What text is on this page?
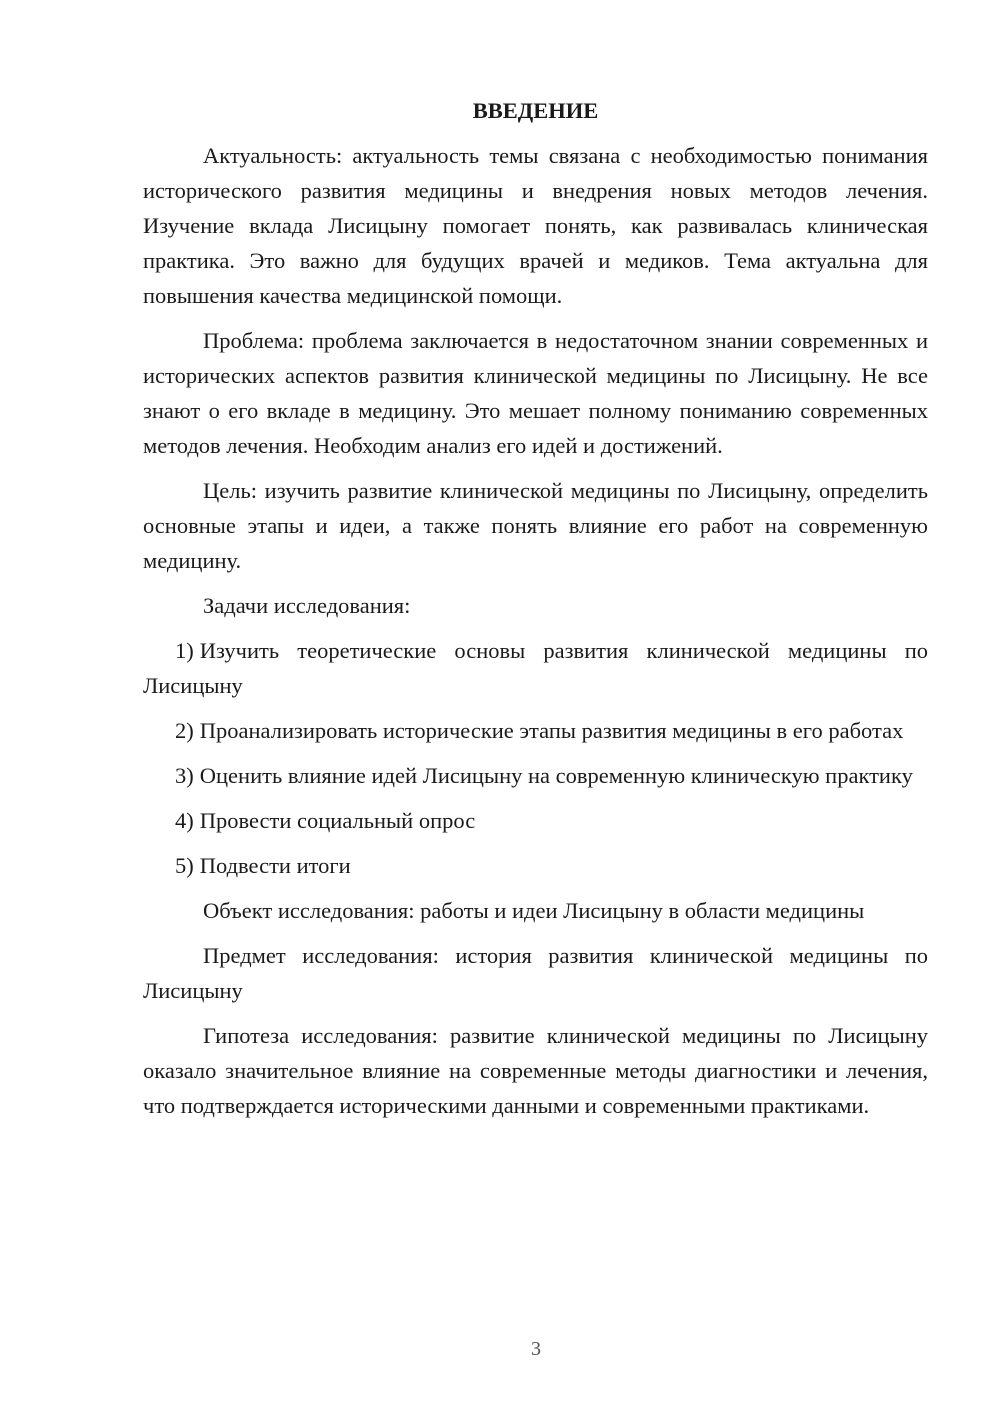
ВВЕДЕНИЕ

Актуальность: актуальность темы связана с необходимостью понимания исторического развития медицины и внедрения новых методов лечения. Изучение вклада Лисицыну помогает понять, как развивалась клиническая практика. Это важно для будущих врачей и медиков. Тема актуальна для повышения качества медицинской помощи.

Проблема: проблема заключается в недостаточном знании современных и исторических аспектов развития клинической медицины по Лисицыну. Не все знают о его вкладе в медицину. Это мешает полному пониманию современных методов лечения. Необходим анализ его идей и достижений.

Цель: изучить развитие клинической медицины по Лисицыну, определить основные этапы и идеи, а также понять влияние его работ на современную медицину.

Задачи исследования:

1) Изучить теоретические основы развития клинической медицины по Лисицыну

2) Проанализировать исторические этапы развития медицины в его работах

3) Оценить влияние идей Лисицыну на современную клиническую практику

4) Провести социальный опрос

5) Подвести итоги

Объект исследования: работы и идеи Лисицыну в области медицины

Предмет исследования: история развития клинической медицины по Лисицыну

Гипотеза исследования: развитие клинической медицины по Лисицыну оказало значительное влияние на современные методы диагностики и лечения, что подтверждается историческими данными и современными практиками.

3
